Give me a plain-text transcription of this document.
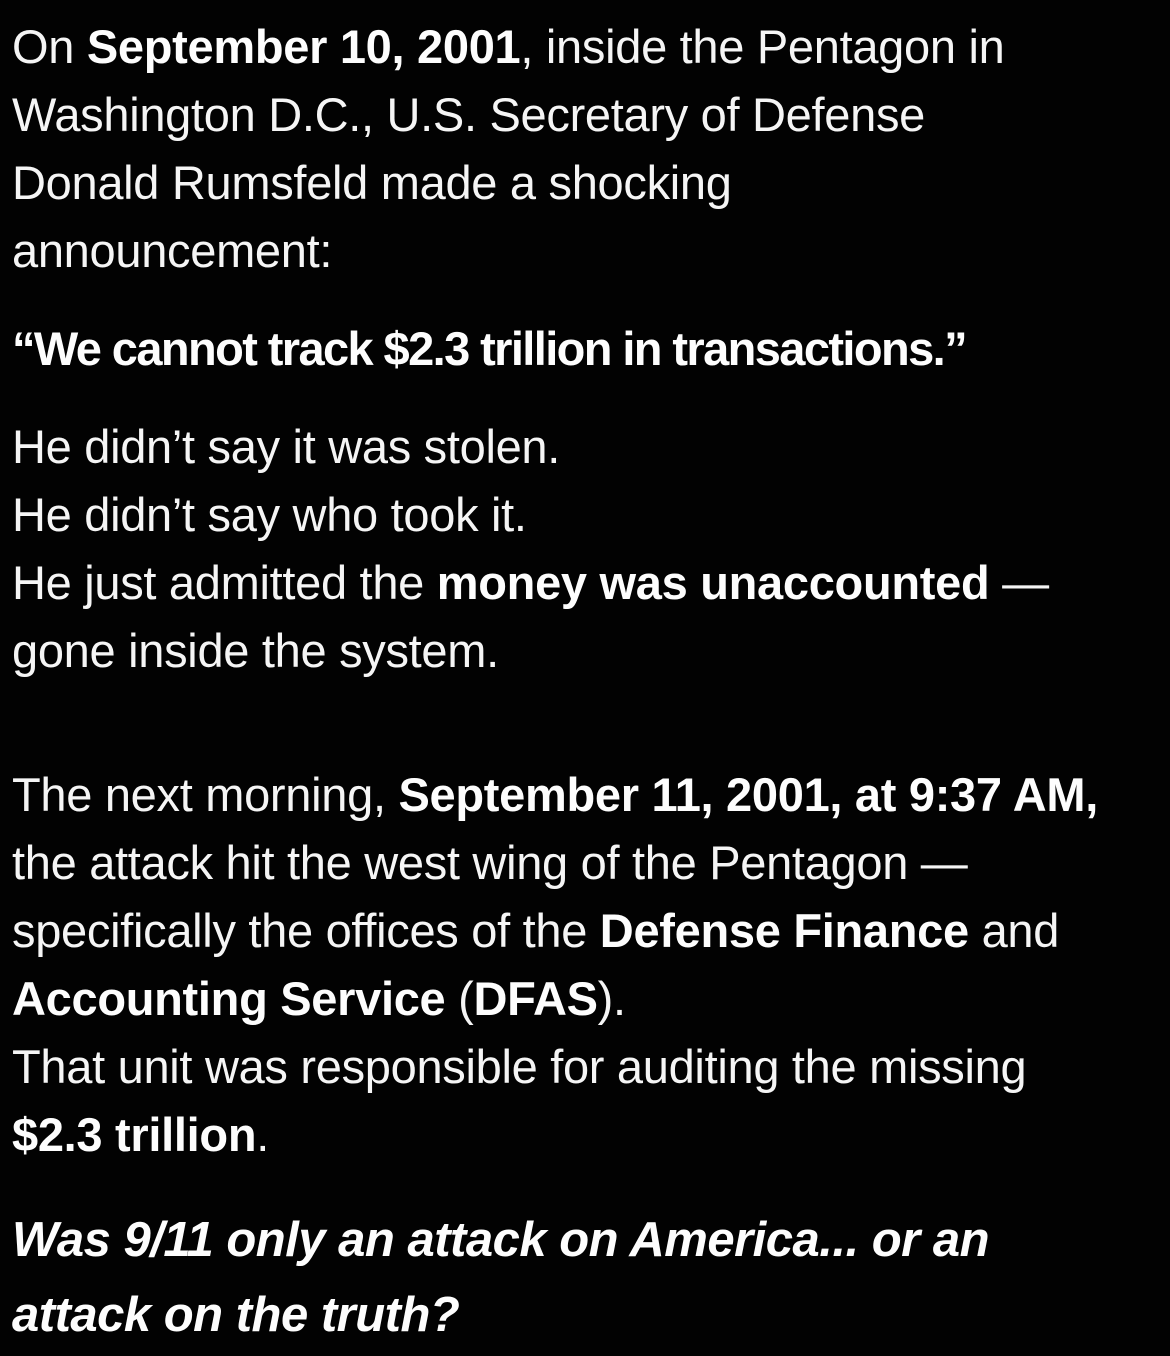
On September 10, 2001, inside the Pentagon in
Washington D.C., U.S. Secretary of Defense
Donald Rumsfeld made a shocking
announcement:
“We cannot track $2.3 trillion in transactions.”
He didn’t say it was stolen.
He didn’t say who took it.
He just admitted the money was unaccounted —
gone inside the system.
The next morning, September 11, 2001, at 9:37 AM,
the attack hit the west wing of the Pentagon —
specifically the offices of the Defense Finance and
Accounting Service (DFAS).
That unit was responsible for auditing the missing
$2.3 trillion.
Was 9/11 only an attack on America... or an
attack on the truth?
